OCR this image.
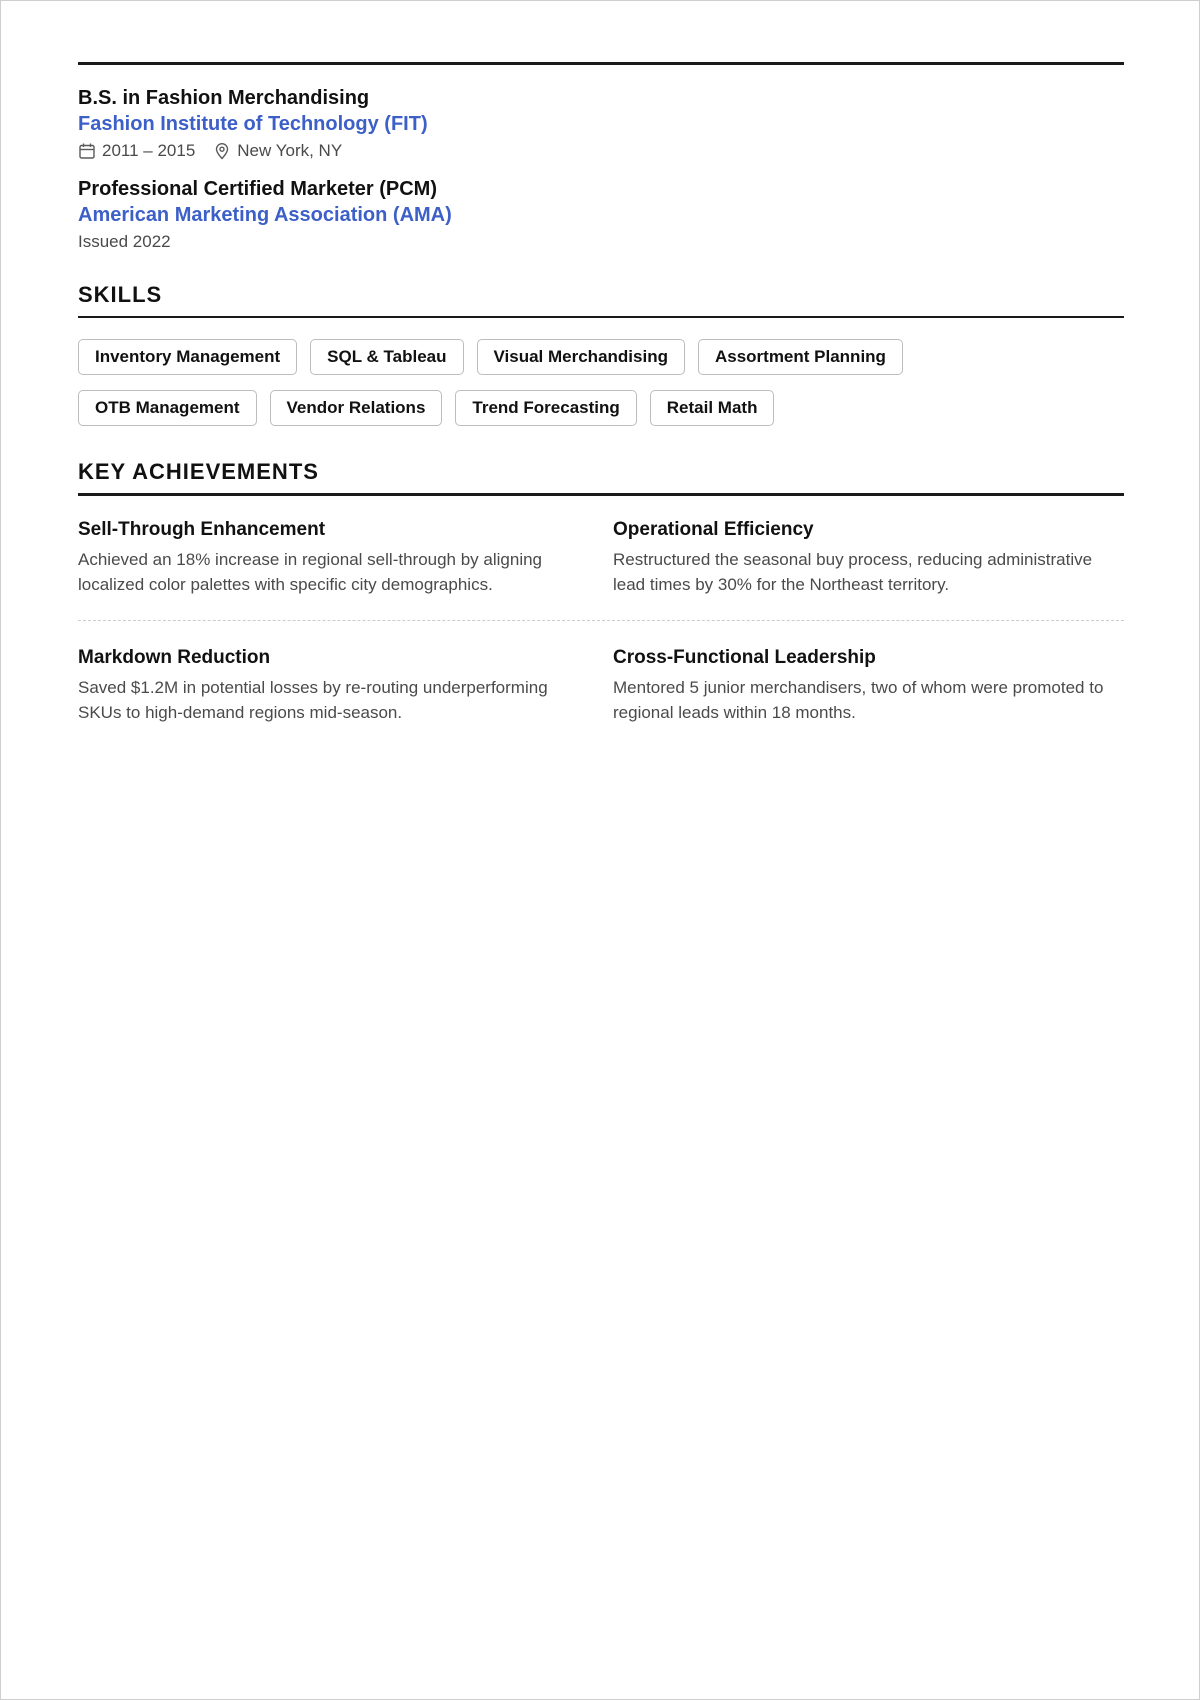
B.S. in Fashion Merchandising

Fashion Institute of Technology (FIT)

2011 – 2015 New York, NY

Professional Certified Marketer (PCM)

American Marketing Association (AMA)

Issued 2022
SKILLS
Inventory Management	SQL & Tableau	Visual Merchandising	Assortment Planning
OTB Management	Vendor Relations	Trend Forecasting	Retail Math
KEY ACHIEVEMENTS

Sell-Through Enhancement

Achieved an 18% increase in regional sell-through by aligning localized color palettes with specific city demographics.

Operational Efficiency

Restructured the seasonal buy process, reducing administrative lead times by 30% for the Northeast territory.

Markdown Reduction

Saved $1.2M in potential losses by re-routing underperforming SKUs to high-demand regions mid-season.

Cross-Functional Leadership

Mentored 5 junior merchandisers, two of whom were promoted to regional leads within 18 months.
